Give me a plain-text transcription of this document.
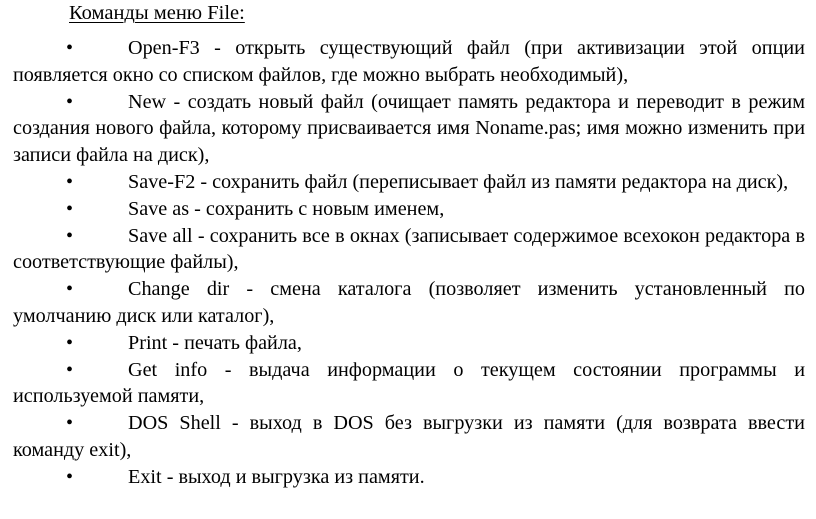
Команды меню File:
•	Open-F3 - открыть существующий файл (при активизации этой опции появляется окно со списком файлов, где можно выбрать необходимый),
•	New - создать новый файл (очищает память редактора и переводит в режим создания нового файла, которому присваивается имя Noname.pas; имя можно изменить при записи файла на диск),
•	Save-F2 - сохранить файл (переписывает файл из памяти редактора на диск),
•	Save as - сохранить с новым именем,
•	Save all - сохранить все в окнах (записывает содержимое всехокон редактора в соответствующие файлы),
•	Change dir - смена каталога (позволяет изменить установленный по умолчанию диск или каталог),
•	Print - печать файла,
•	Get info - выдача информации о текущем состоянии программы и используемой памяти,
•	DOS Shell - выход в DOS без выгрузки из памяти (для возврата ввести команду exit),
•	Exit - выход и выгрузка из памяти.
